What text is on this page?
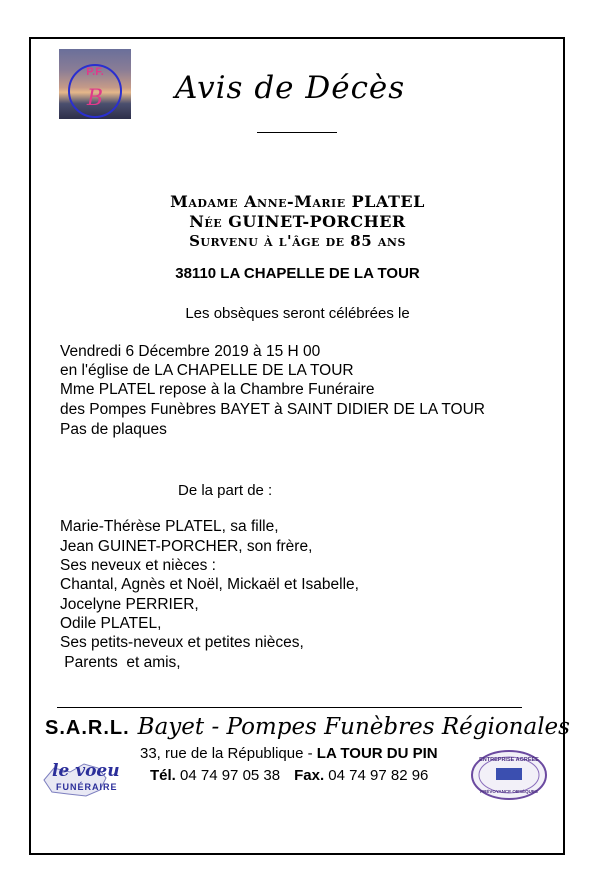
P.F.
B Avis de Décès
Madame Anne-Marie PLATEL
Née GUINET-PORCHER
Survenu à l'âge de 85 ans
38110 LA CHAPELLE DE LA TOUR
Les obsèques seront célébrées le
Vendredi 6 Décembre 2019 à 15 H 00
en l'église de LA CHAPELLE DE LA TOUR
Mme PLATEL repose à la Chambre Funéraire
des Pompes Funèbres BAYET à SAINT DIDIER DE LA TOUR
Pas de plaques
De la part de :
Marie-Thérèse PLATEL, sa fille,
Jean GUINET-PORCHER, son frère,
Ses neveux et nièces :
Chantal, Agnès et Noël, Mickaël et Isabelle,
Jocelyne PERRIER,
Odile PLATEL,
Ses petits-neveux et petites nièces,
Parents  et amis,
S.A.R.L. Bayet - Pompes Funèbres Régionales
33, rue de la République - LA TOUR DU PIN
Tél. 04 74 97 05 38 Fax. 04 74 97 82 96
le voeu
FUNÉRAIRE
ENTREPRISE AGRÉÉE
PRÉVOYANCE OBSÈQUES
